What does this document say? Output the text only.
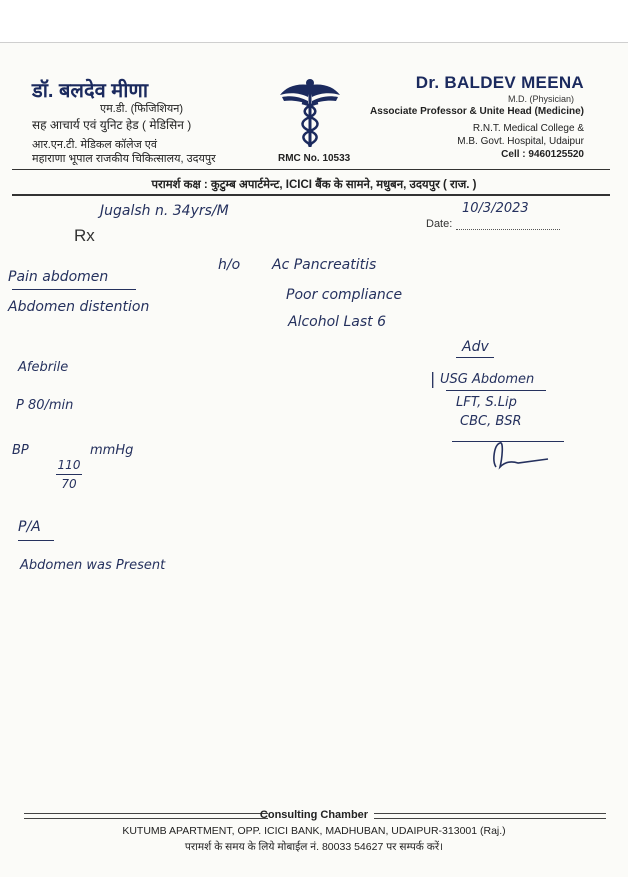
डॉ. बलदेव मीणा
एम.डी. (फिजिशियन)
सह आचार्य एवं युनिट हेड ( मेडिसिन )
आर.एन.टी. मेडिकल कॉलेज एवं
महाराणा भूपाल राजकीय चिकित्सालय, उदयपुर	RMC No. 10533
Dr. BALDEV MEENA
M.D. (Physician)
Associate Professor & Unite Head (Medicine)
R.N.T. Medical College &
M.B. Govt. Hospital, Udaipur
Cell : 9460125520
परामर्श कक्ष : कुटुम्ब अपार्टमेन्ट, ICICI बैंक के सामने, मधुबन, उदयपुर ( राज. )
Jugalsh n. 34yrs/M	10/3/2023
Date:
Rx
Pain abdomen
Abdomen distention
h/o Ac Pancreatitis
Poor compliance
Alcohol Last 6
Afebrile
P 80/min
BP
110
70
mmHg
Adv
| USG Abdomen
LFT, S.Lip
CBC, BSR
P/A
Abdomen was Present
Consulting Chamber
KUTUMB APARTMENT, OPP. ICICI BANK, MADHUBAN, UDAIPUR-313001 (Raj.)
परामर्श के समय के लिये मोबाईल नं. 80033 54627 पर सम्पर्क करें।
